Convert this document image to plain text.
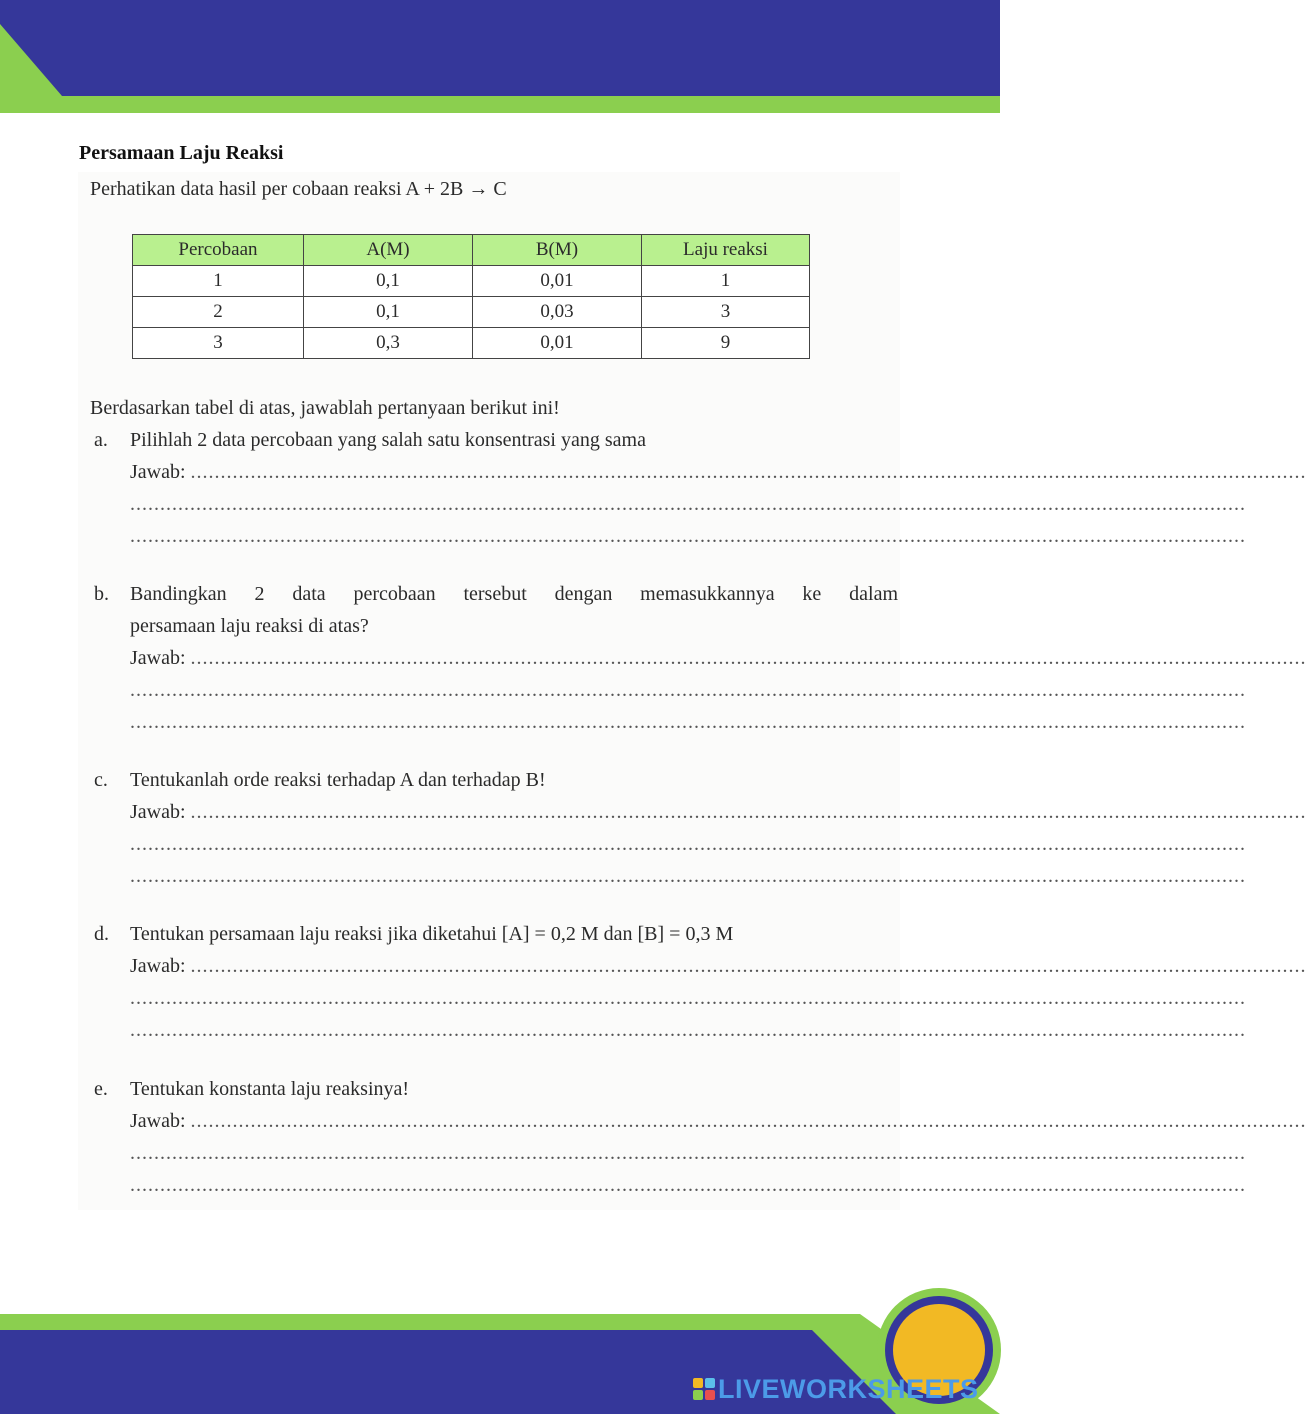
Persamaan Laju Reaksi
Perhatikan data hasil per cobaan reaksi A + 2B → C
Percobaan	A(M)	B(M)	Laju reaksi
1	0,1	0,01	1
2	0,1	0,03	3
3	0,3	0,01	9
Berdasarkan tabel di atas, jawablah pertanyaan berikut ini!
a.	Pilihlah 2 data percobaan yang salah satu konsentrasi yang sama
Jawab: ..........................................................................................................................................................................................
..........................................................................................................................................................................................
..........................................................................................................................................................................................
b.	Bandingkan 2 data percobaan tersebut dengan memasukkannya ke dalam
persamaan laju reaksi di atas?
Jawab: ..........................................................................................................................................................................................
..........................................................................................................................................................................................
..........................................................................................................................................................................................
c.	Tentukanlah orde reaksi terhadap A dan terhadap B!
Jawab: ..........................................................................................................................................................................................
..........................................................................................................................................................................................
..........................................................................................................................................................................................
d.	Tentukan persamaan laju reaksi jika diketahui [A] = 0,2 M dan [B] = 0,3 M
Jawab: ..........................................................................................................................................................................................
..........................................................................................................................................................................................
..........................................................................................................................................................................................
e.	Tentukan konstanta laju reaksinya!
Jawab: ..........................................................................................................................................................................................
..........................................................................................................................................................................................
..........................................................................................................................................................................................
LIVEWORKSHEETS
